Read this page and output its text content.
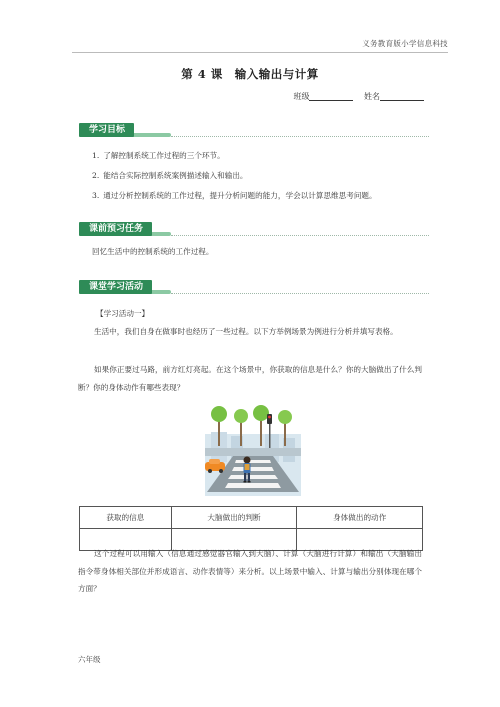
义务教育版小学信息科技
第 4 课 输入输出与计算
班级	姓名
学习目标
1. 了解控制系统工作过程的三个环节。
2. 能结合实际控制系统案例描述输入和输出。
3. 通过分析控制系统的工作过程，提升分析问题的能力，学会以计算思维思考问题。
课前预习任务
回忆生活中的控制系统的工作过程。
课堂学习活动
【学习活动一】
生活中，我们自身在做事时也经历了一些过程。以下方举例场景为例进行分析并填写表格。
如果你正要过马路，前方红灯亮起。在这个场景中，你获取的信息是什么？你的大脑做出了什么判断？你的身体动作有哪些表现？
获取的信息	大脑做出的判断	身体做出的动作

这个过程可以用输入（信息通过感觉器官输入到大脑）、计算（大脑进行计算）和输出（大脑输出指令带身体相关部位并形成语言、动作表情等）来分析。以上场景中输入、计算与输出分别体现在哪个方面？
六年级
